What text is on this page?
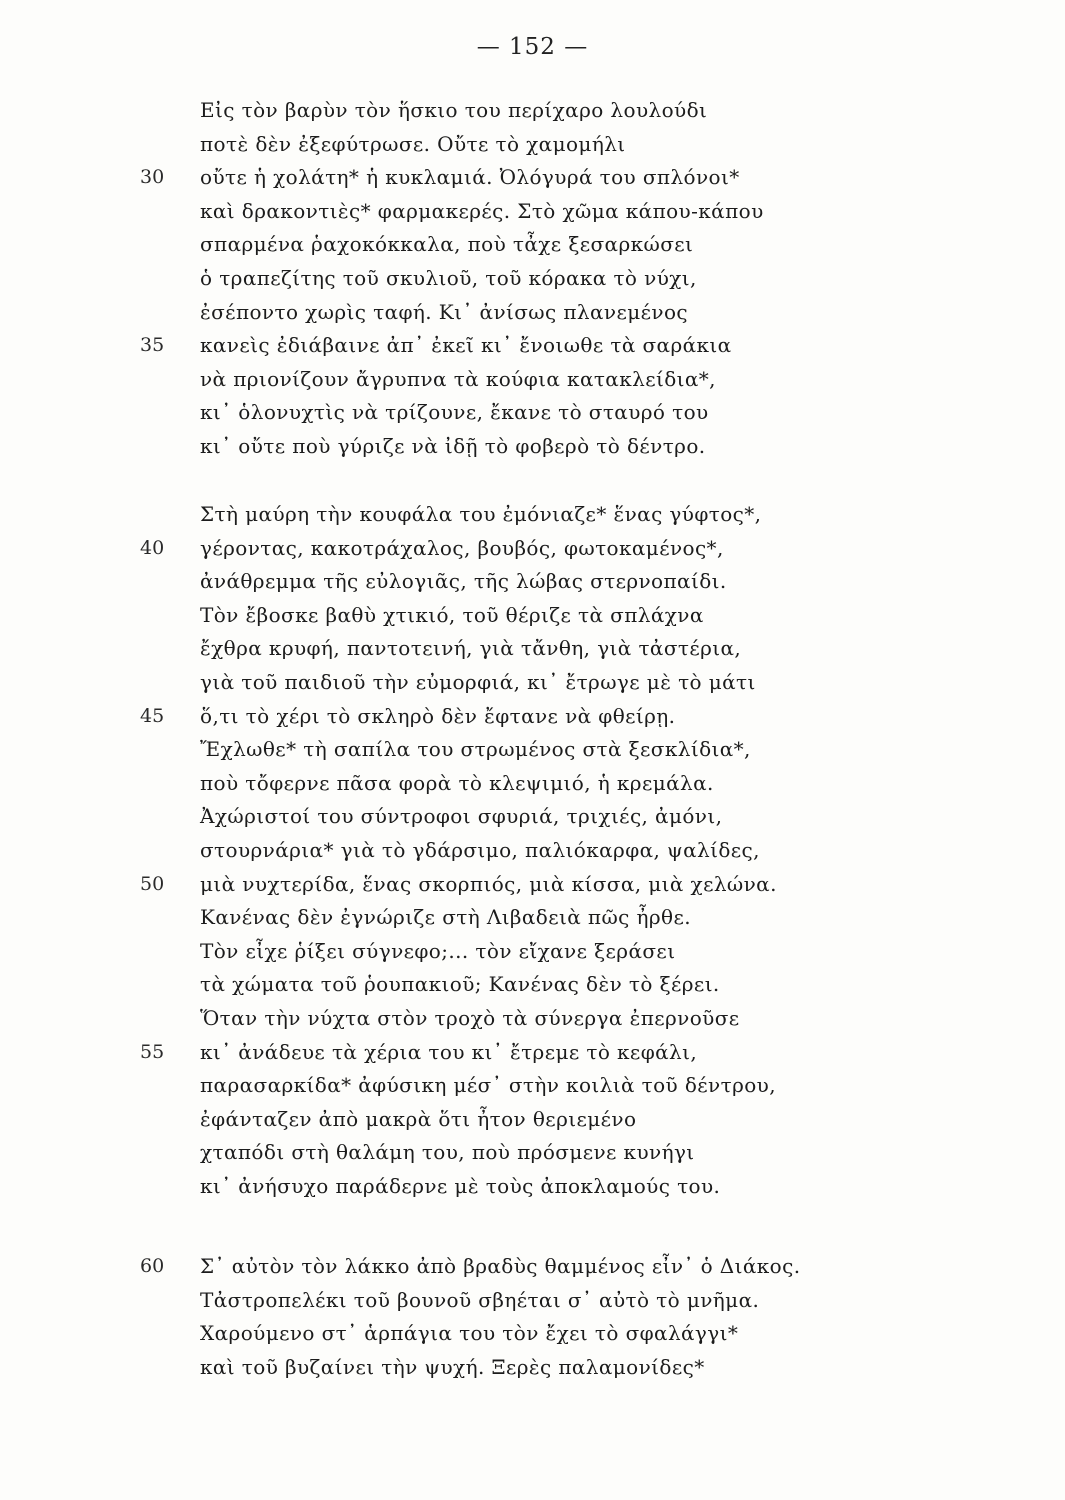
— 152 —
Εἰς τὸν βαρὺν τὸν ἥσκιο του περίχαρο λουλούδι
ποτὲ δὲν ἐξεφύτρωσε. Οὔτε τὸ χαμομήλι
30	οὔτε ἡ χολάτη* ἡ κυκλαμιά. Ὀλόγυρά του σπλόνοι*
καὶ δρακοντιὲς* φαρμακερές. Στὸ χῶμα κάπου-κάπου
σπαρμένα ῥαχοκόκκαλα, ποὺ τἆχε ξεσαρκώσει
ὁ τραπεζίτης τοῦ σκυλιοῦ, τοῦ κόρακα τὸ νύχι,
ἐσέποντο χωρὶς ταφή. Κι᾽ ἀνίσως πλανεμένος
35	κανεὶς ἐδιάβαινε ἀπ᾽ ἐκεῖ κι᾽ ἔνοιωθε τὰ σαράκια
νὰ πριονίζουν ἄγρυπνα τὰ κούφια κατακλείδια*,
κι᾽ ὁλονυχτὶς νὰ τρίζουνε, ἔκανε τὸ σταυρό του
κι᾽ οὔτε ποὺ γύριζε νὰ ἰδῇ τὸ φοβερὸ τὸ δέντρο.
Στὴ μαύρη τὴν κουφάλα του ἐμόνιαζε* ἕνας γύφτος*,
40	γέροντας, κακοτράχαλος, βουβός, φωτοκαμένος*,
ἀνάθρεμμα τῆς εὐλογιᾶς, τῆς λώβας στερνοπαίδι.
Τὸν ἔβοσκε βαθὺ χτικιό, τοῦ θέριζε τὰ σπλάχνα
ἔχθρα κρυφή, παντοτεινή, γιὰ τἄνθη, γιὰ τἀστέρια,
γιὰ τοῦ παιδιοῦ τὴν εὐμορφιά, κι᾽ ἔτρωγε μὲ τὸ μάτι
45	ὅ,τι τὸ χέρι τὸ σκληρὸ δὲν ἔφτανε νὰ φθείρῃ.
Ἔχλωθε* τὴ σαπίλα του στρωμένος στὰ ξεσκλίδια*,
ποὺ τὄφερνε πᾶσα φορὰ τὸ κλεψιμιό, ἡ κρεμάλα.
Ἀχώριστοί του σύντροφοι σφυριά, τριχιές, ἀμόνι,
στουρνάρια* γιὰ τὸ γδάρσιμο, παλιόκαρφα, ψαλίδες,
50	μιὰ νυχτερίδα, ἕνας σκορπιός, μιὰ κίσσα, μιὰ χελώνα.
Κανένας δὲν ἐγνώριζε στὴ Λιβαδειὰ πῶς ἦρθε.
Τὸν εἶχε ῥίξει σύγνεφο;... τὸν εἴχανε ξεράσει
τὰ χώματα τοῦ ῥουπακιοῦ; Κανένας δὲν τὸ ξέρει.
Ὅταν τὴν νύχτα στὸν τροχὸ τὰ σύνεργα ἐπερνοῦσε
55	κι᾽ ἀνάδευε τὰ χέρια του κι᾽ ἔτρεμε τὸ κεφάλι,
παρασαρκίδα* ἀφύσικη μέσ᾽ στὴν κοιλιὰ τοῦ δέντρου,
ἐφάνταζεν ἀπὸ μακρὰ ὅτι ἦτον θεριεμένο
χταπόδι στὴ θαλάμη του, ποὺ πρόσμενε κυνήγι
κι᾽ ἀνήσυχο παράδερνε μὲ τοὺς ἀποκλαμούς του.
60	Σ᾽ αὐτὸν τὸν λάκκο ἀπὸ βραδὺς θαμμένος εἶν᾽ ὁ Διάκος.
Τἀστροπελέκι τοῦ βουνοῦ σβηέται σ᾽ αὐτὸ τὸ μνῆμα.
Χαρούμενο στ᾽ ἁρπάγια του τὸν ἔχει τὸ σφαλάγγι*
καὶ τοῦ βυζαίνει τὴν ψυχή. Ξερὲς παλαμονίδες*
